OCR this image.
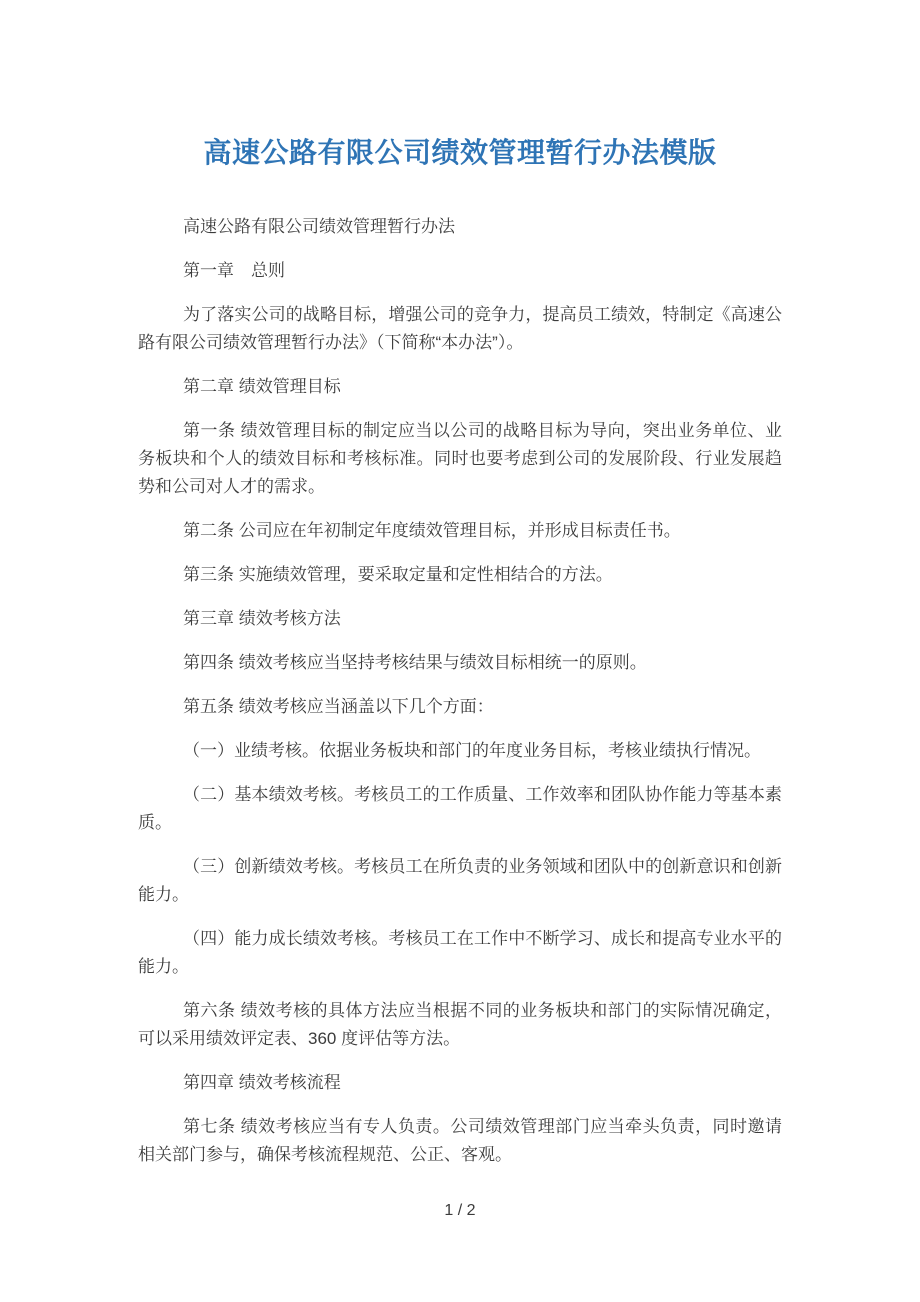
高速公路有限公司绩效管理暂行办法模版

高速公路有限公司绩效管理暂行办法

第一章　总则

为了落实公司的战略目标，增强公司的竞争力，提高员工绩效，特制定《高速公路有限公司绩效管理暂行办法》（下简称“本办法”）。

第二章 绩效管理目标

第一条 绩效管理目标的制定应当以公司的战略目标为导向，突出业务单位、业务板块和个人的绩效目标和考核标准。同时也要考虑到公司的发展阶段、行业发展趋势和公司对人才的需求。

第二条 公司应在年初制定年度绩效管理目标，并形成目标责任书。

第三条 实施绩效管理，要采取定量和定性相结合的方法。

第三章 绩效考核方法

第四条 绩效考核应当坚持考核结果与绩效目标相统一的原则。

第五条 绩效考核应当涵盖以下几个方面：

（一）业绩考核。依据业务板块和部门的年度业务目标，考核业绩执行情况。

（二）基本绩效考核。考核员工的工作质量、工作效率和团队协作能力等基本素质。

（三）创新绩效考核。考核员工在所负责的业务领域和团队中的创新意识和创新能力。

（四）能力成长绩效考核。考核员工在工作中不断学习、成长和提高专业水平的能力。

第六条 绩效考核的具体方法应当根据不同的业务板块和部门的实际情况确定，可以采用绩效评定表、360 度评估等方法。

第四章 绩效考核流程

第七条 绩效考核应当有专人负责。公司绩效管理部门应当牵头负责，同时邀请相关部门参与，确保考核流程规范、公正、客观。

1 / 2
